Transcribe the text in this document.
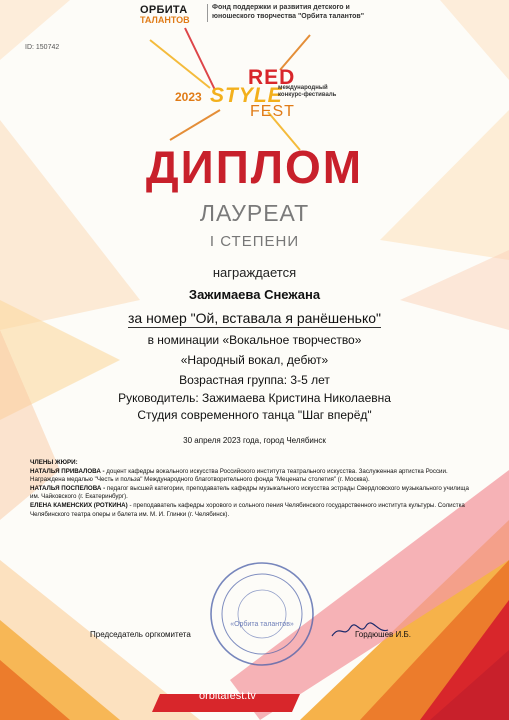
ОРБИТА
ТАЛАНТОВ
Фонд поддержки и развития детского и юношеского творчества "Орбита талантов"
ID: 150742
2023
RED
STYLE
FEST
международный конкурс-фестиваль
ДИПЛОМ
ЛАУРЕАТ
I СТЕПЕНИ
награждается
Зажимаева Снежана
за номер "Ой, вставала я ранёшенько"
в номинации «Вокальное творчество»
«Народный вокал, дебют»
Возрастная группа: 3-5 лет
Руководитель: Зажимаева Кристина Николаевна
Студия современного танца "Шаг вперёд"
30 апреля 2023 года, город Челябинск

ЧЛЕНЫ ЖЮРИ:

НАТАЛЬЯ ПРИВАЛОВА - доцент кафедры вокального искусства Российского института театрального искусства. Заслуженная артистка России. Награждена медалью "Честь и польза" Международного благотворительного фонда "Меценаты столетия" (г. Москва).

НАТАЛЬЯ ПОСПЕЛОВА - педагог высшей категории, преподаватель кафедры музыкального искусства эстрады Свердловского музыкального училища им. Чайковского (г. Екатеринбург).

ЕЛЕНА КАМЕНСКИХ (РОТКИНА) - преподаватель кафедры хорового и сольного пения Челябинского государственного института культуры. Солистка Челябинского театра оперы и балета им. М. И. Глинки (г. Челябинск).

«Орбита талантов»
Председатель оргкомитета	Гордюшев И.Б.
orbitafest.tv
